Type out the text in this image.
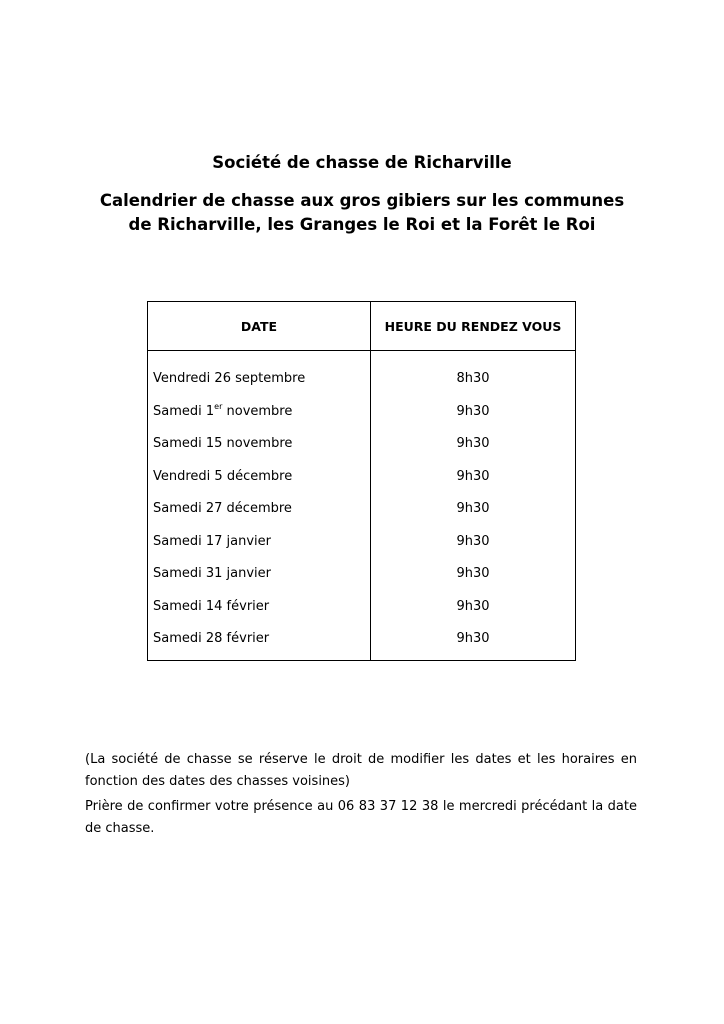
Société de chasse de Richarville
Calendrier de chasse aux gros gibiers sur les communes
de Richarville, les Granges le Roi et la Forêt le Roi
DATE	HEURE DU RENDEZ VOUS
Vendredi 26 septembre	8h30
Samedi 1er novembre	9h30
Samedi 15 novembre	9h30
Vendredi 5 décembre	9h30
Samedi 27 décembre	9h30
Samedi 17 janvier	9h30
Samedi 31 janvier	9h30
Samedi 14 février	9h30
Samedi 28 février	9h30

(La société de chasse se réserve le droit de modifier les dates et les horaires en fonction des dates des chasses voisines)

Prière de confirmer votre présence au 06 83 37 12 38 le mercredi précédant la date de chasse.
